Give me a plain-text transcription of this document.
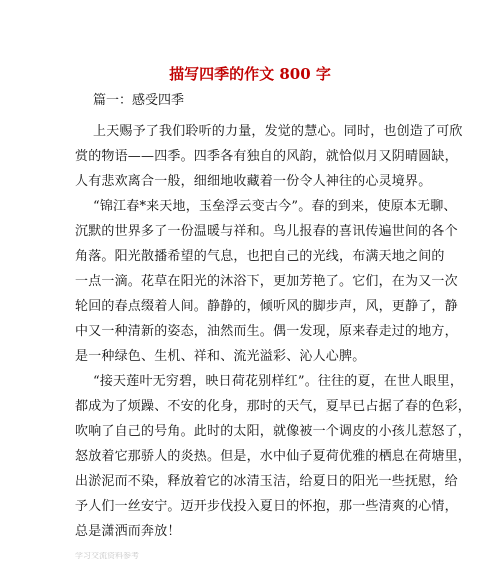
描写四季的作文 800 字
篇一：感受四季
上天赐予了我们聆听的力量，发觉的慧心。同时，也创造了可欣
赏的物语——四季。四季各有独自的风韵，就恰似月又阴晴圆缺，
人有悲欢离合一般，细细地收藏着一份令人神往的心灵境界。
“锦江春*来天地，玉垒浮云变古今”。春的到来，使原本无聊、
沉默的世界多了一份温暖与祥和。鸟儿报春的喜讯传遍世间的各个
角落。阳光散播希望的气息，也把自己的光线，布满天地之间的
一点一滴。花草在阳光的沐浴下，更加芳艳了。它们，在为又一次
轮回的春点缀着人间。静静的，倾听风的脚步声，风，更静了，静
中又一种清新的姿态，油然而生。偶一发现，原来春走过的地方，
是一种绿色、生机、祥和、流光溢彩、沁人心脾。
“接天莲叶无穷碧，映日荷花别样红”。往往的夏，在世人眼里，
都成为了烦躁、不安的化身，那时的天气，夏早已占据了春的色彩，
吹响了自己的号角。此时的太阳，就像被一个调皮的小孩儿惹怒了，
怒放着它那骄人的炎热。但是，水中仙子夏荷优雅的栖息在荷塘里，
出淤泥而不染，释放着它的冰清玉洁，给夏日的阳光一些抚慰，给
予人们一丝安宁。迈开步伐投入夏日的怀抱，那一些清爽的心情，
总是潇洒而奔放！
学习交流资料参考
